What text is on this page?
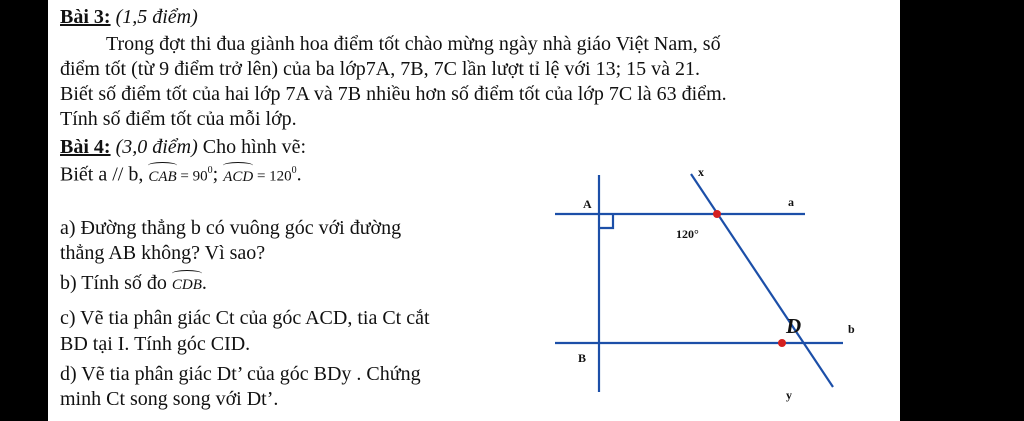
Bài 3: (1,5 điểm)
Trong đợt thi đua giành hoa điểm tốt chào mừng ngày nhà giáo Việt Nam, số
điểm tốt (từ 9 điểm trở lên) của ba lớp7A, 7B, 7C lần lượt tỉ lệ với 13; 15 và 21.
Biết số điểm tốt của hai lớp 7A và 7B nhiều hơn số điểm tốt của lớp 7C là 63 điểm.
Tính số điểm tốt của mỗi lớp.
Bài 4: (3,0 điểm) Cho hình vẽ:
Biết a // b, CAB = $90^0$; ACD = $120^0$.
a) Đường thẳng b có vuông góc với đường
thẳng AB không? Vì sao?
b) Tính số đo CDB.
c) Vẽ tia phân giác Ct của góc ACD, tia Ct cắt
BD tại I. Tính góc CID.
d) Vẽ tia phân giác Dt’ của góc BDy . Chứng
minh Ct song song với Dt’.
x
a
A
120°
D	b
B
y
